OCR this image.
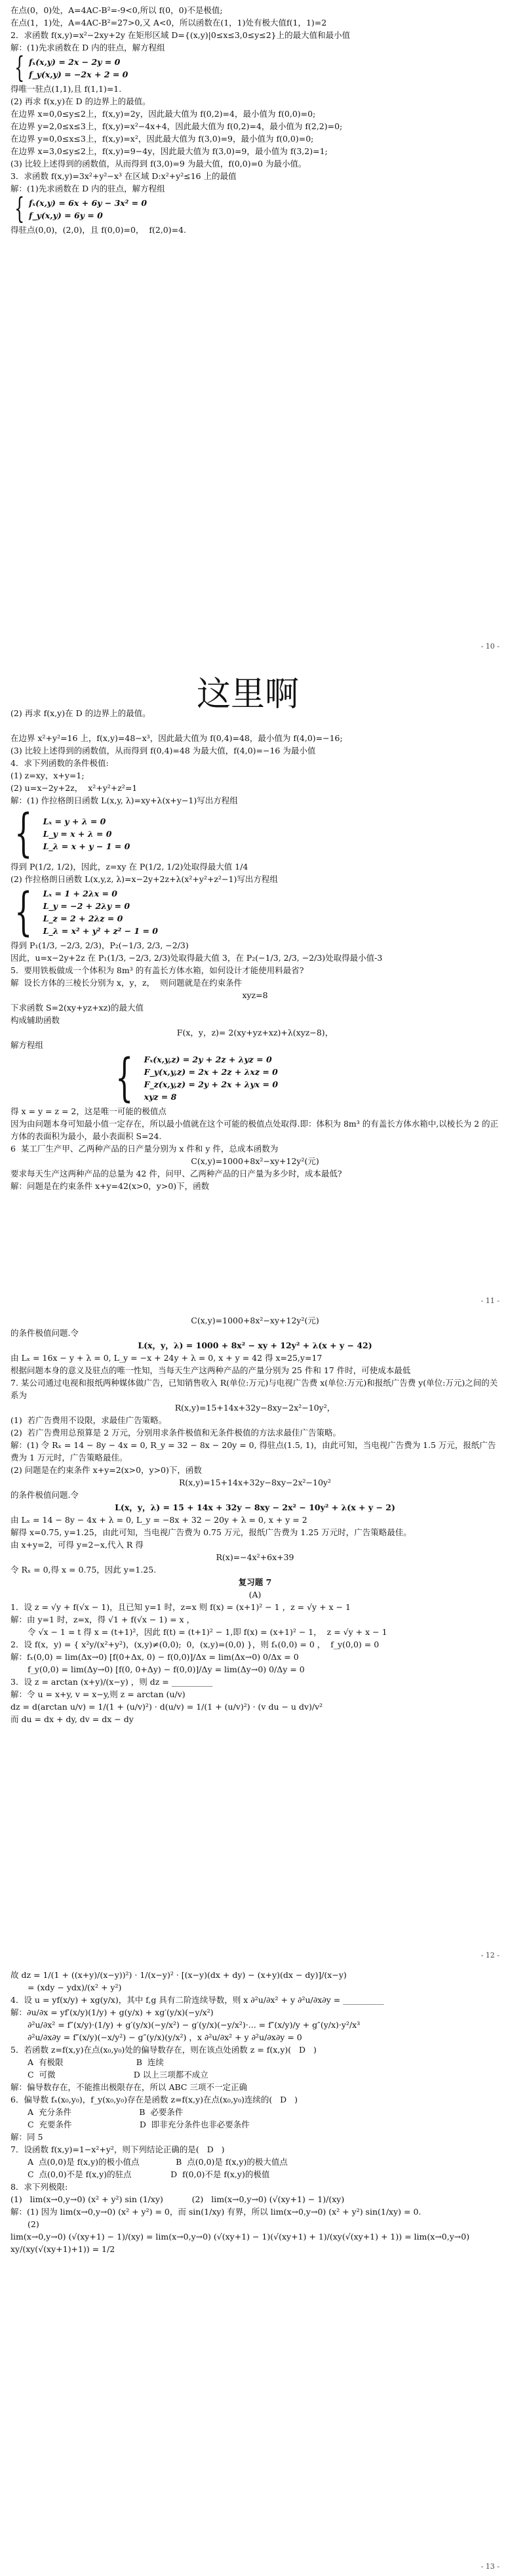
在点(0，0)处，A=4AC-B²=-9<0,所以 f(0，0)不是极值;

在点(1，1)处，A=4AC-B²=27>0,又 A<0，所以函数在(1，1)处有极大值f(1，1)=2

2．求函数 f(x,y)=x²−2xy+2y 在矩形区域 D={(x,y)|0≤x≤3,0≤y≤2}上的最大值和最小值

解：(1)先求函数在 D 内的驻点，解方程组

{ fₓ(x,y) = 2x − 2y = 0
f_y(x,y) = −2x + 2 = 0

得唯一驻点(1,1),且 f(1,1)=1.

(2) 再求 f(x,y)在 D 的边界上的最值。

在边界 x=0,0≤y≤2上，f(x,y)=2y，因此最大值为 f(0,2)=4，最小值为 f(0,0)=0;

在边界 y=2,0≤x≤3上，f(x,y)=x²−4x+4，因此最大值为 f(0,2)=4，最小值为 f(2,2)=0;

在边界 y=0,0≤x≤3上，f(x,y)=x²，因此最大值为 f(3,0)=9，最小值为 f(0,0)=0;

在边界 x=3,0≤y≤2上，f(x,y)=9−4y，因此最大值为 f(3,0)=9，最小值为 f(3,2)=1;

(3) 比较上述得到的函数值，从而得到 f(3,0)=9 为最大值，f(0,0)=0 为最小值。

3．求函数 f(x,y)=3x²+y²−x³ 在区域 D:x²+y²≤16 上的最值

解：(1)先求函数在 D 内的驻点，解方程组

{ fₓ(x,y) = 6x + 6y − 3x² = 0
f_y(x,y) = 6y = 0

得驻点(0,0)，(2,0)，且 f(0,0)=0，  f(2,0)=4.

- 10 -
这里啊

(2) 再求 f(x,y)在 D 的边界上的最值。

在边界 x²+y²=16 上，f(x,y)=48−x³，因此最大值为 f(0,4)=48，最小值为 f(4,0)=−16;

(3) 比较上述得到的函数值，从而得到 f(0,4)=48 为最大值，f(4,0)=−16 为最小值

4．求下列函数的条件极值:

(1) z=xy，x+y=1;

(2) u=x−2y+2z，  x²+y²+z²=1

解：(1) 作拉格朗日函数 L(x,y, λ)=xy+λ(x+y−1)写出方程组

{ Lₓ = y + λ = 0
L_y = x + λ = 0
L_λ = x + y − 1 = 0

得到 P(1/2, 1/2)，因此，z=xy 在 P(1/2, 1/2)处取得最大值 1/4

(2) 作拉格朗日函数 L(x,y,z, λ)=x−2y+2z+λ(x²+y²+z²−1)写出方程组

{ Lₓ = 1 + 2λx = 0
L_y = −2 + 2λy = 0
L_z = 2 + 2λz = 0
L_λ = x² + y² + z² − 1 = 0

得到 P₁(1/3, −2/3, 2/3)，P₂(−1/3, 2/3, −2/3)

因此，u=x−2y+2z 在 P₁(1/3, −2/3, 2/3)处取得最大值 3，在 P₂(−1/3, 2/3, −2/3)处取得最小值-3

5．要用铁板做成一个体积为 8m³ 的有盖长方体水箱，如何设计才能使用料最省?

解  设长方体的三棱长分别为 x，y，z，  则问题就是在约束条件

xyz=8

下求函数 S=2(xy+yz+xz)的最大值

构成辅助函数

F(x，y，z)= 2(xy+yz+xz)+λ(xyz−8)，

解方程组

{ Fₓ(x,y,z) = 2y + 2z + λyz = 0
F_y(x,y,z) = 2x + 2z + λxz = 0
F_z(x,y,z) = 2y + 2x + λyx = 0
xyz = 8

得 x = y = z = 2，这是唯一可能的极值点

因为由问题本身可知最小值一定存在，所以最小值就在这个可能的极值点处取得.即：体积为 8m³ 的有盖长方体水箱中,以棱长为 2 的正方体的表面积为最小，最小表面积 S=24.

6  某工厂生产甲、乙两种产品的日产量分别为 x 件和 y 件，总成本函数为

C(x,y)=1000+8x²−xy+12y²(元)

要求每天生产这两种产品的总量为 42 件，问甲、乙两种产品的日产量为多少时，成本最低?

解：问题是在约束条件 x+y=42(x>0，y>0)下，函数

- 11 -

C(x,y)=1000+8x²−xy+12y²(元)

的条件极值问题.令

L(x，y，λ) = 1000 + 8x² − xy + 12y² + λ(x + y − 42)

由 Lₓ = 16x − y + λ = 0, L_y = −x + 24y + λ = 0, x + y = 42 得 x=25,y=17

根据问题本身的意义及驻点的唯一性知，当每天生产这两种产品的产量分别为 25 件和 17 件时，可使成本最低

7. 某公司通过电视和报纸两种媒体做广告，已知销售收入 R(单位:万元)与电视广告费 x(单位:万元)和报纸广告费 y(单位:万元)之间的关系为

R(x,y)=15+14x+32y−8xy−2x²−10y²，

(1)  若广告费用不设限，求最佳广告策略。

(2)  若广告费用总预算是 2 万元，分别用求条件极值和无条件极值的方法求最佳广告策略。

解：(1) 令 Rₓ = 14 − 8y − 4x = 0, R_y = 32 − 8x − 20y = 0, 得驻点(1.5, 1)，由此可知，当电视广告费为 1.5 万元，报纸广告费为 1 万元时，广告策略最佳。

(2) 问题是在约束条件 x+y=2(x>0，y>0)下，函数

R(x,y)=15+14x+32y−8xy−2x²−10y²

的条件极值问题.令

L(x，y，λ) = 15 + 14x + 32y − 8xy − 2x² − 10y² + λ(x + y − 2)

由 Lₓ = 14 − 8y − 4x + λ = 0, L_y = −8x + 32 − 20y + λ = 0, x + y = 2

解得 x=0.75, y=1.25，由此可知，当电视广告费为 0.75 万元，报纸广告费为 1.25 万元时，广告策略最佳。

由 x+y=2，可得 y=2−x,代入 R 得

R(x)=−4x²+6x+39

令 Rₓ = 0,得 x = 0.75，因此 y=1.25.

复习题 7

(A)

1．设 z = √y + f(√x − 1)，且已知 y=1 时，z=x 则 f(x) = (x+1)² − 1 ，z = √y + x − 1

解：由 y=1 时，z=x，得 √1 + f(√x − 1) = x ，

令 √x − 1 = t 得 x = (t+1)²，因此 f(t) = (t+1)² − 1,即 f(x) = (x+1)² − 1，  z = √y + x − 1

2．设 f(x，y) = { x²y/(x²+y²)，(x,y)≠(0,0);  0，(x,y)=(0,0) }，则 fₓ(0,0) = 0 ，  f_y(0,0) = 0

解：fₓ(0,0) = lim(Δx→0) [f(0+Δx, 0) − f(0,0)]/Δx = lim(Δx→0) 0/Δx = 0

f_y(0,0) = lim(Δy→0) [f(0, 0+Δy) − f(0,0)]/Δy = lim(Δy→0) 0/Δy = 0

3．设 z = arctan (x+y)/(x−y) ，则 dz = __________

解：令 u = x+y, v = x−y,则 z = arctan (u/v)

dz = d(arctan u/v) = 1/(1 + (u/v)²) · d(u/v) = 1/(1 + (u/v)²) · (v du − u dv)/v²

而 du = dx + dy, dv = dx − dy

- 12 -

故 dz = 1/(1 + ((x+y)/(x−y))²) · 1/(x−y)² · [(x−y)(dx + dy) − (x+y)(dx − dy)]/(x−y)

= (xdy − ydx)/(x² + y²)

4．设 u = yf(x/y) + xg(y/x)，其中 f,g 具有二阶连续导数，则 x ∂²u/∂x² + y ∂²u/∂x∂y = __________

解：∂u/∂x = yf′(x/y)(1/y) + g(y/x) + xg′(y/x)(−y/x²)

∂²u/∂x² = f″(x/y)·(1/y) + g′(y/x)(−y/x²) − g′(y/x)(−y/x²)·... = f″(x/y)/y + g″(y/x)·y²/x³

∂²u/∂x∂y = f″(x/y)(−x/y²) − g″(y/x)(y/x²) ，x ∂²u/∂x² + y ∂²u/∂x∂y = 0

5．若函数 z=f(x,y)在点(x₀,y₀)处的偏导数存在，则在该点处函数 z = f(x,y)(   D   )

A  有极限                            B  连续

C  可微                              D 以上三项都不成立

解：偏导数存在，不能推出极限存在，所以 ABC 三项不一定正确

6．偏导数 fₓ(x₀,y₀)，f_y(x₀,y₀)存在是函数 z=f(x,y)在点(x₀,y₀)连续的(   D   )

A  充分条件                          B  必要条件

C  充要条件                          D  即非充分条件也非必要条件

解：同 5

7．设函数 f(x,y)=1−x²+y²，则下列结论正确的是(   D   )

A  点(0,0)是 f(x,y)的极小值点              B  点(0,0)是 f(x,y)的极大值点

C  点(0,0)不是 f(x,y)的驻点               D  f(0,0)不是 f(x,y)的极值

8．求下列极限:

(1)   lim(x→0,y→0) (x² + y²) sin (1/xy)           (2)   lim(x→0,y→0) (√(xy+1) − 1)/(xy)

解：(1) 因为 lim(x→0,y→0) (x² + y²) = 0，而 sin(1/xy) 有界，所以 lim(x→0,y→0) (x² + y²) sin(1/xy) = 0.

(2)

lim(x→0,y→0) (√(xy+1) − 1)/(xy) = lim(x→0,y→0) (√(xy+1) − 1)(√(xy+1) + 1)/(xy(√(xy+1) + 1)) = lim(x→0,y→0) xy/(xy(√(xy+1)+1)) = 1/2

- 13 -
